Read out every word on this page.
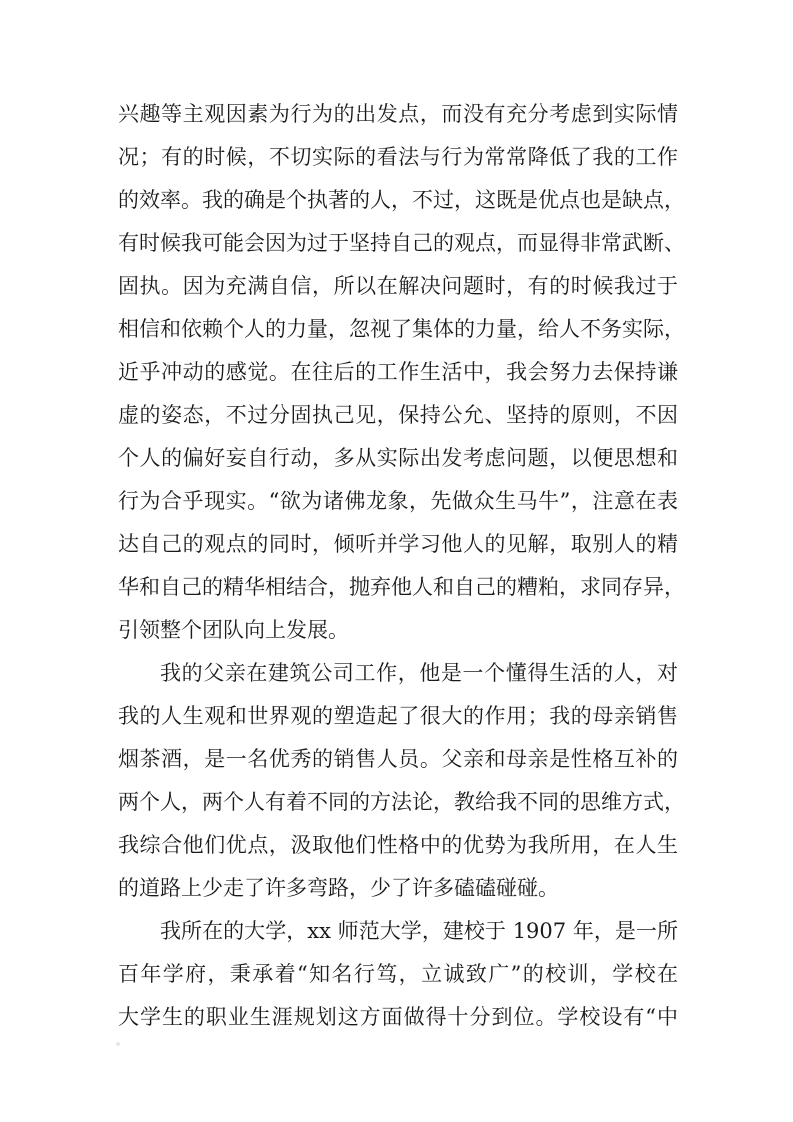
兴趣等主观因素为行为的出发点，而没有充分考虑到实际情
况；有的时候，不切实际的看法与行为常常降低了我的工作
的效率。我的确是个执著的人，不过，这既是优点也是缺点，
有时候我可能会因为过于坚持自己的观点，而显得非常武断、
固执。因为充满自信，所以在解决问题时，有的时候我过于
相信和依赖个人的力量，忽视了集体的力量，给人不务实际，
近乎冲动的感觉。在往后的工作生活中，我会努力去保持谦
虚的姿态，不过分固执己见，保持公允、坚持的原则，不因
个人的偏好妄自行动，多从实际出发考虑问题，以便思想和
行为合乎现实。“欲为诸佛龙象，先做众生马牛”，注意在表
达自己的观点的同时，倾听并学习他人的见解，取别人的精
华和自己的精华相结合，抛弃他人和自己的糟粕，求同存异，
引领整个团队向上发展。
我的父亲在建筑公司工作，他是一个懂得生活的人，对
我的人生观和世界观的塑造起了很大的作用；我的母亲销售
烟茶酒，是一名优秀的销售人员。父亲和母亲是性格互补的
两个人，两个人有着不同的方法论，教给我不同的思维方式，
我综合他们优点，汲取他们性格中的优势为我所用，在人生
的道路上少走了许多弯路，少了许多磕磕碰碰。
我所在的大学，xx 师范大学，建校于 1907 年，是一所
百年学府，秉承着“知名行笃，立诚致广”的校训，学校在
大学生的职业生涯规划这方面做得十分到位。学校设有“中
